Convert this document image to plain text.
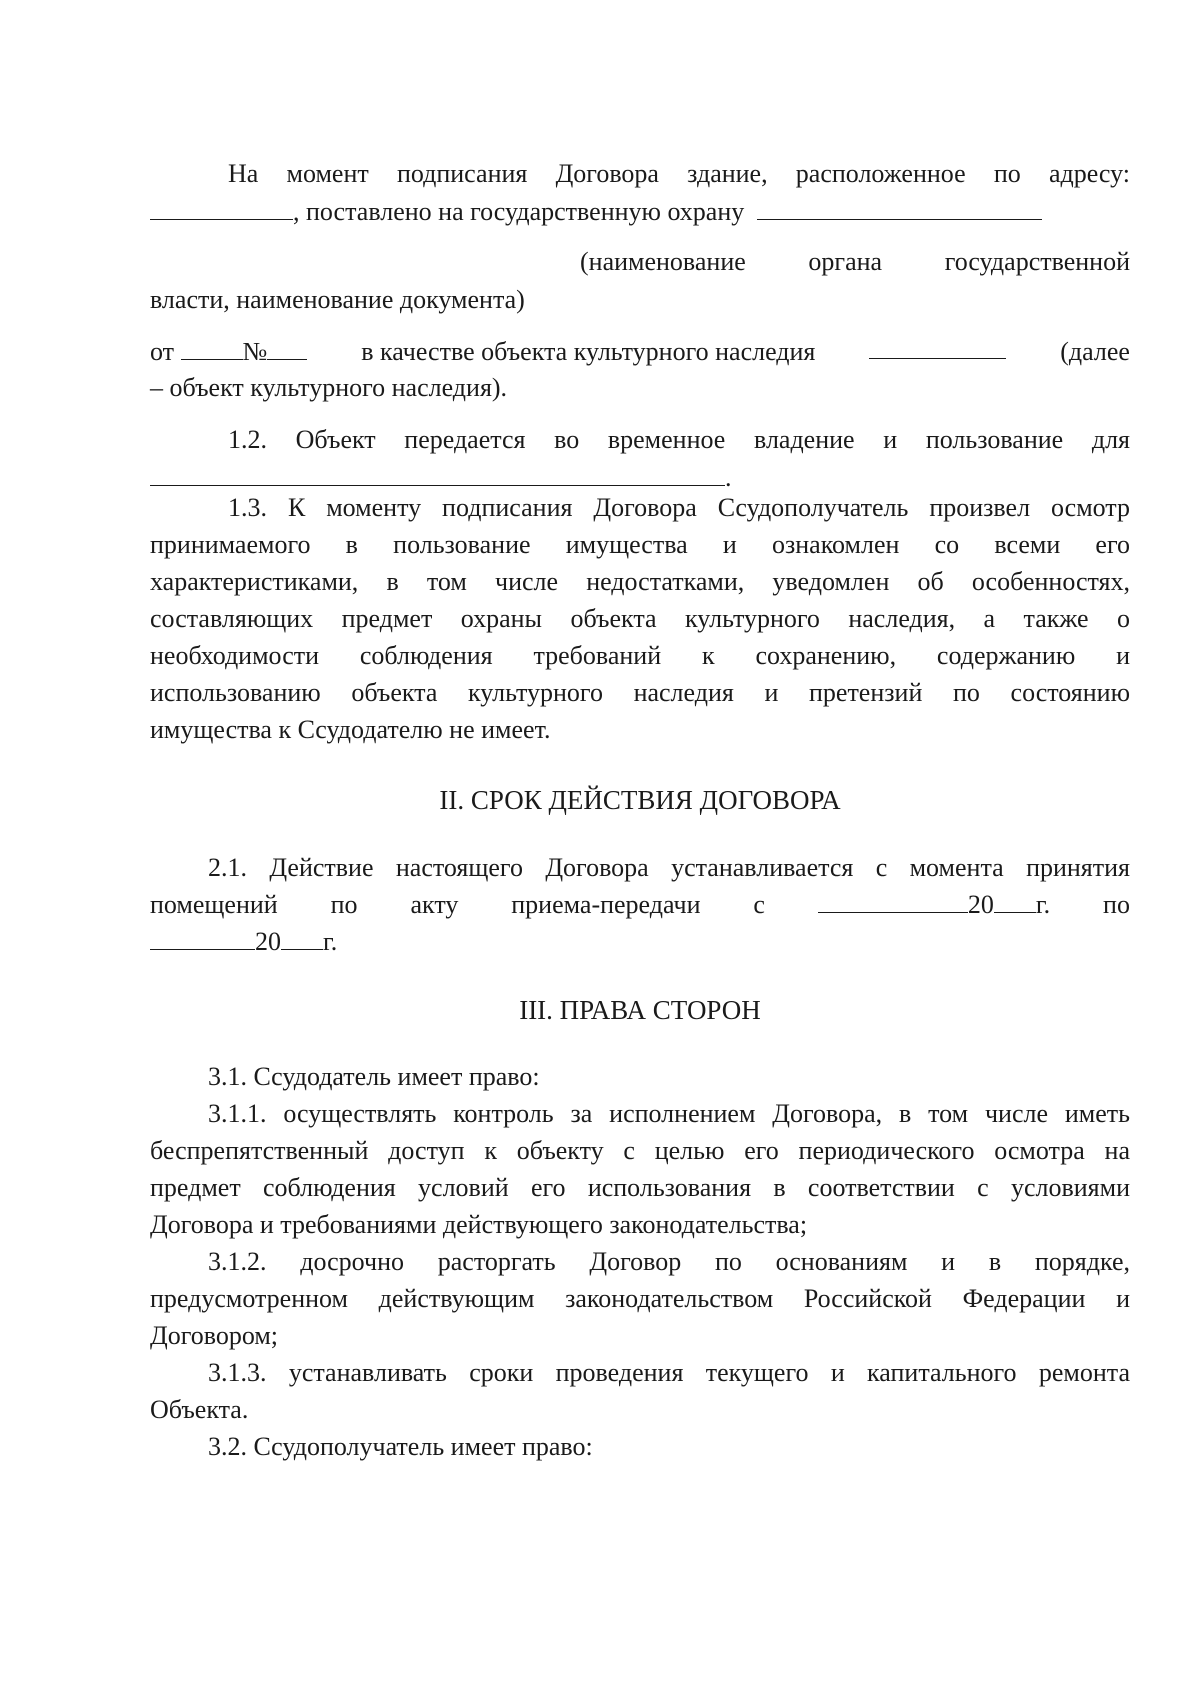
На момент подписания Договора здание, расположенное по адресу:
, поставлено на государственную охрану
(наименование органа государственной
власти, наименование документа)
от	№	в качестве объекта культурного наследия	(далее
– объект культурного наследия).
1.2. Объект передается во временное владение и пользование для
.
1.3. К моменту подписания Договора Ссудополучатель произвел осмотр
принимаемого в пользование имущества и ознакомлен со всеми его
характеристиками, в том числе недостатками, уведомлен об особенностях,
составляющих предмет охраны объекта культурного наследия, а также о
необходимости соблюдения требований к сохранению, содержанию и
использованию объекта культурного наследия и претензий по состоянию
имущества к Ссудодателю не имеет.
II. СРОК ДЕЙСТВИЯ ДОГОВОРА
2.1. Действие настоящего Договора устанавливается с момента принятия
помещений по акту приема-передачи с	20 г. по
20 г.
III. ПРАВА СТОРОН
3.1. Ссудодатель имеет право:
3.1.1. осуществлять контроль за исполнением Договора, в том числе иметь
беспрепятственный доступ к объекту с целью его периодического осмотра на
предмет соблюдения условий его использования в соответствии с условиями
Договора и требованиями действующего законодательства;
3.1.2. досрочно расторгать Договор по основаниям и в порядке,
предусмотренном действующим законодательством Российской Федерации и
Договором;
3.1.3. устанавливать сроки проведения текущего и капитального ремонта
Объекта.
3.2. Ссудополучатель имеет право:
